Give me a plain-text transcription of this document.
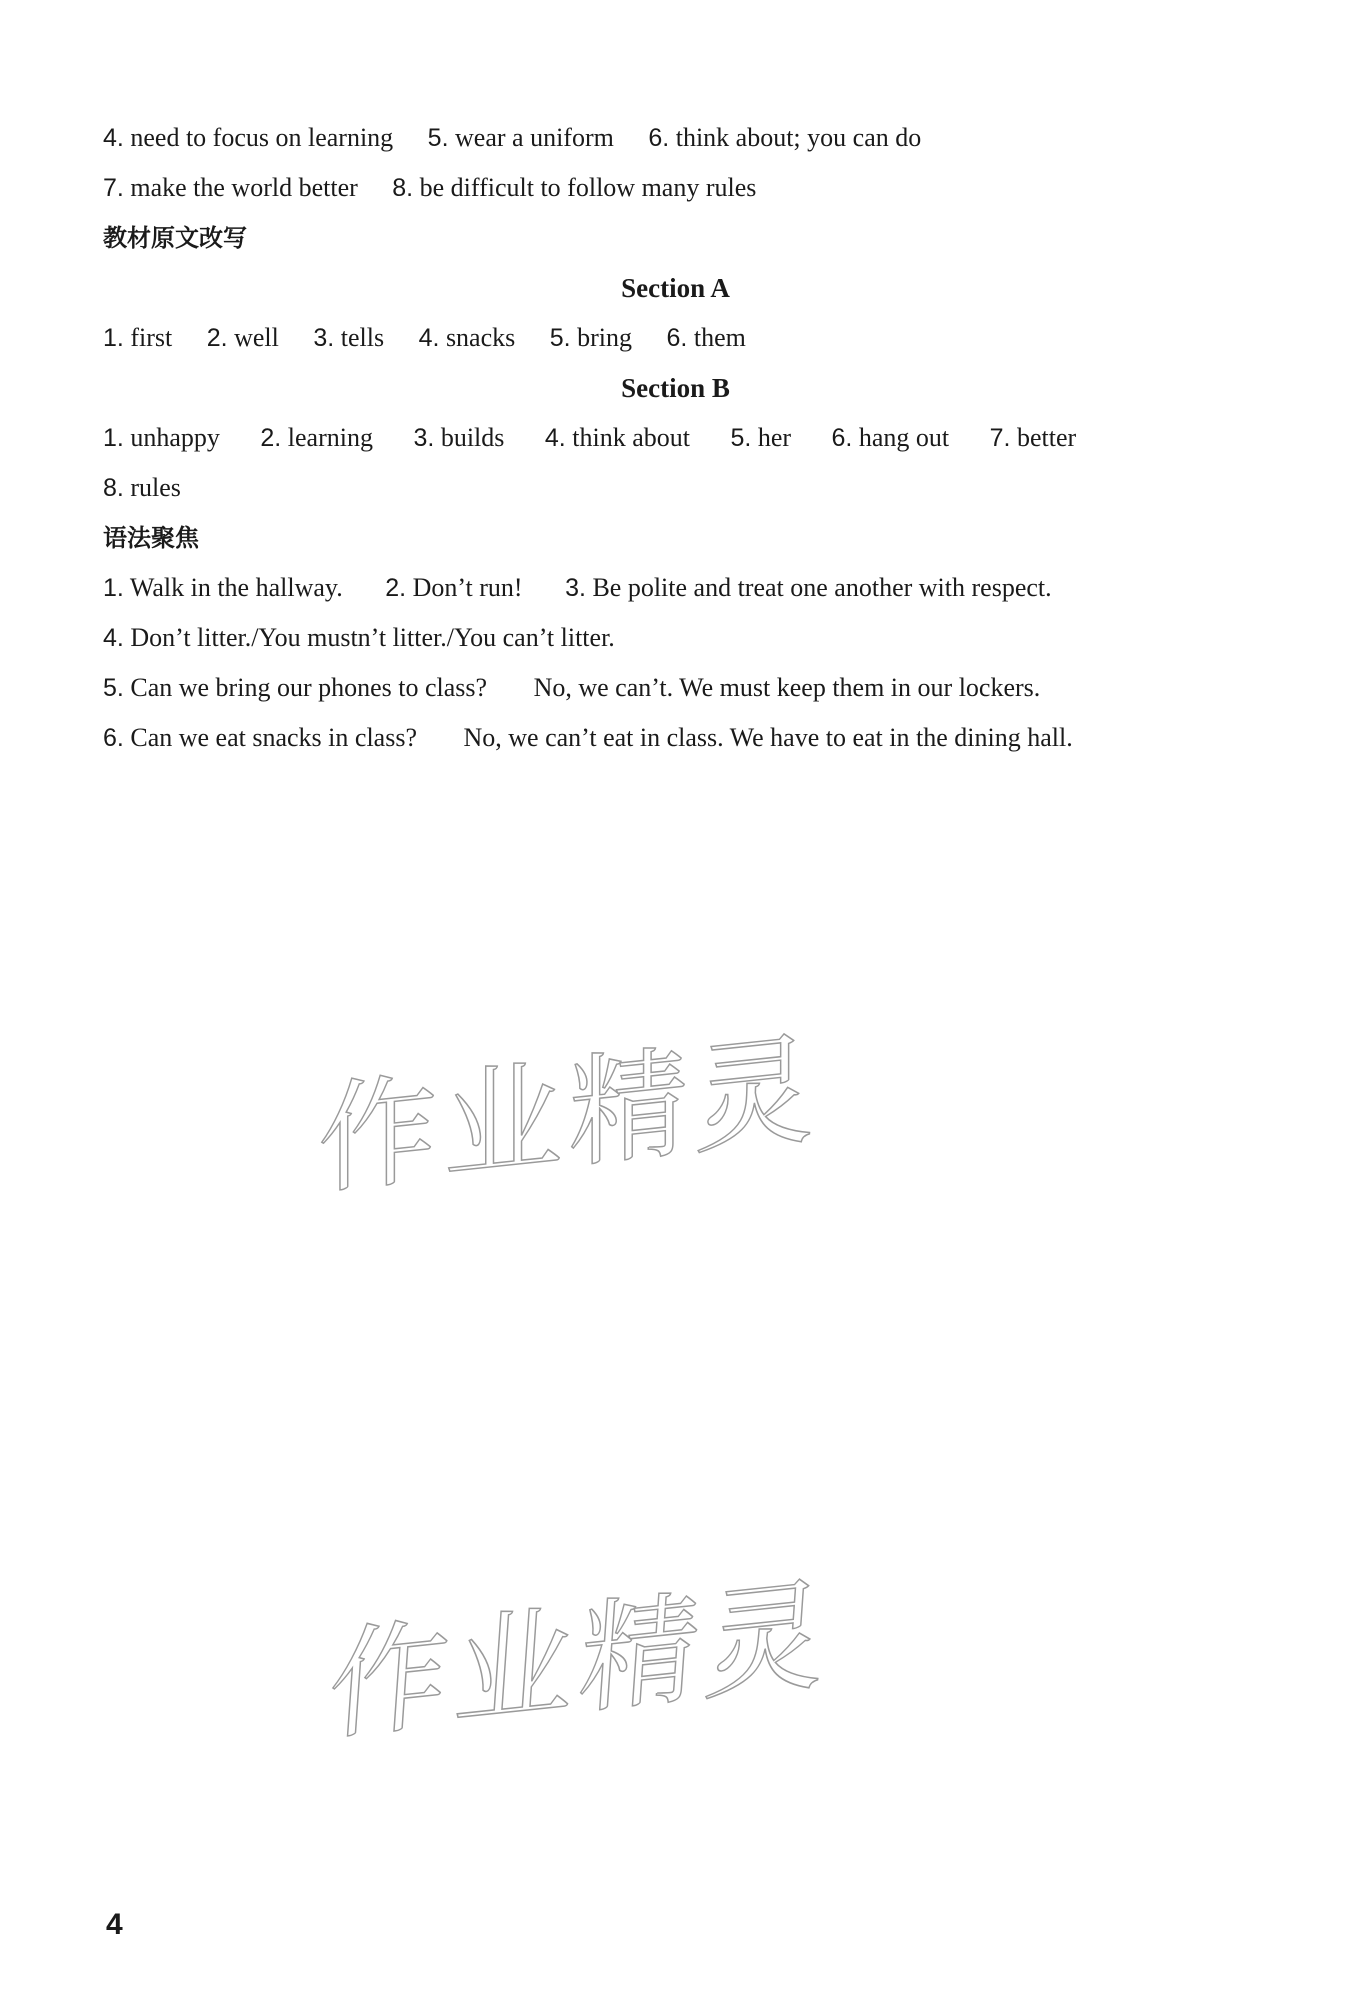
4. need to focus on learning 5. wear a uniform 6. think about; you can do
7. make the world better 8. be difficult to follow many rules
教材原文改写
Section A
1. first 2. well 3. tells 4. snacks 5. bring 6. them
Section B
1. unhappy 2. learning 3. builds 4. think about 5. her 6. hang out 7. better
8. rules
语法聚焦
1. Walk in the hallway. 2. Don’t run! 3. Be polite and treat one another with respect.
4. Don’t litter./You mustn’t litter./You can’t litter.
5. Can we bring our phones to class? No, we can’t. We must keep them in our lockers.
6. Can we eat snacks in class? No, we can’t eat in class. We have to eat in the dining hall.
作业精灵
作业精灵
4
